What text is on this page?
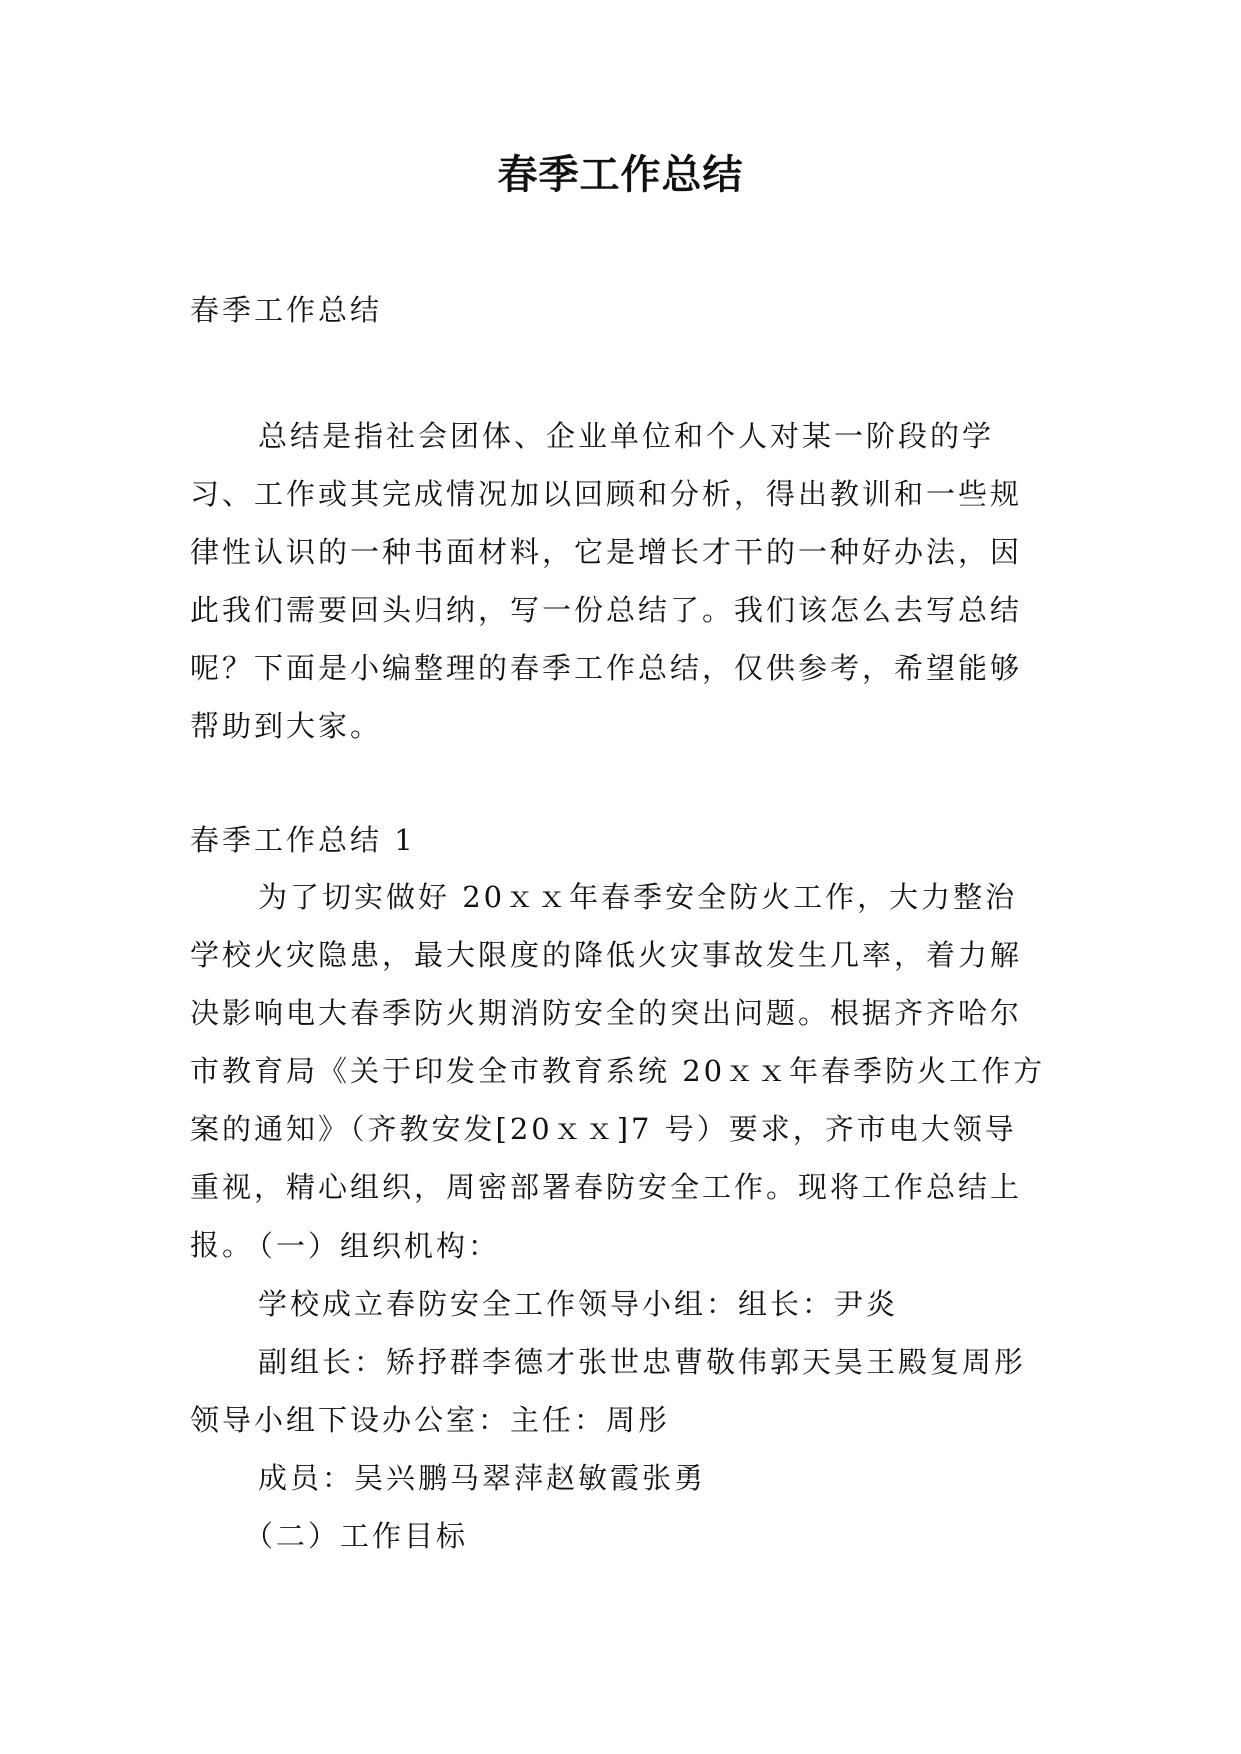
春季工作总结
春季工作总结

总结是指社会团体、企业单位和个人对某一阶段的学习、工作或其完成情况加以回顾和分析，得出教训和一些规律性认识的一种书面材料，它是增长才干的一种好办法，因此我们需要回头归纳，写一份总结了。我们该怎么去写总结呢？下面是小编整理的春季工作总结，仅供参考，希望能够帮助到大家。

春季工作总结 1

为了切实做好 20ｘｘ年春季安全防火工作，大力整治学校火灾隐患，最大限度的降低火灾事故发生几率，着力解决影响电大春季防火期消防安全的突出问题。根据齐齐哈尔市教育局《关于印发全市教育系统 20ｘｘ年春季防火工作方案的通知》（齐教安发[20ｘｘ]7 号）要求，齐市电大领导重视，精心组织，周密部署春防安全工作。现将工作总结上报。

（一）组织机构：
学校成立春防安全工作领导小组：组长：尹炎
副组长：矫抒群李德才张世忠曹敬伟郭天昊王殿复周彤
领导小组下设办公室：主任：周彤
成员：吴兴鹏马翠萍赵敏霞张勇
（二）工作目标
